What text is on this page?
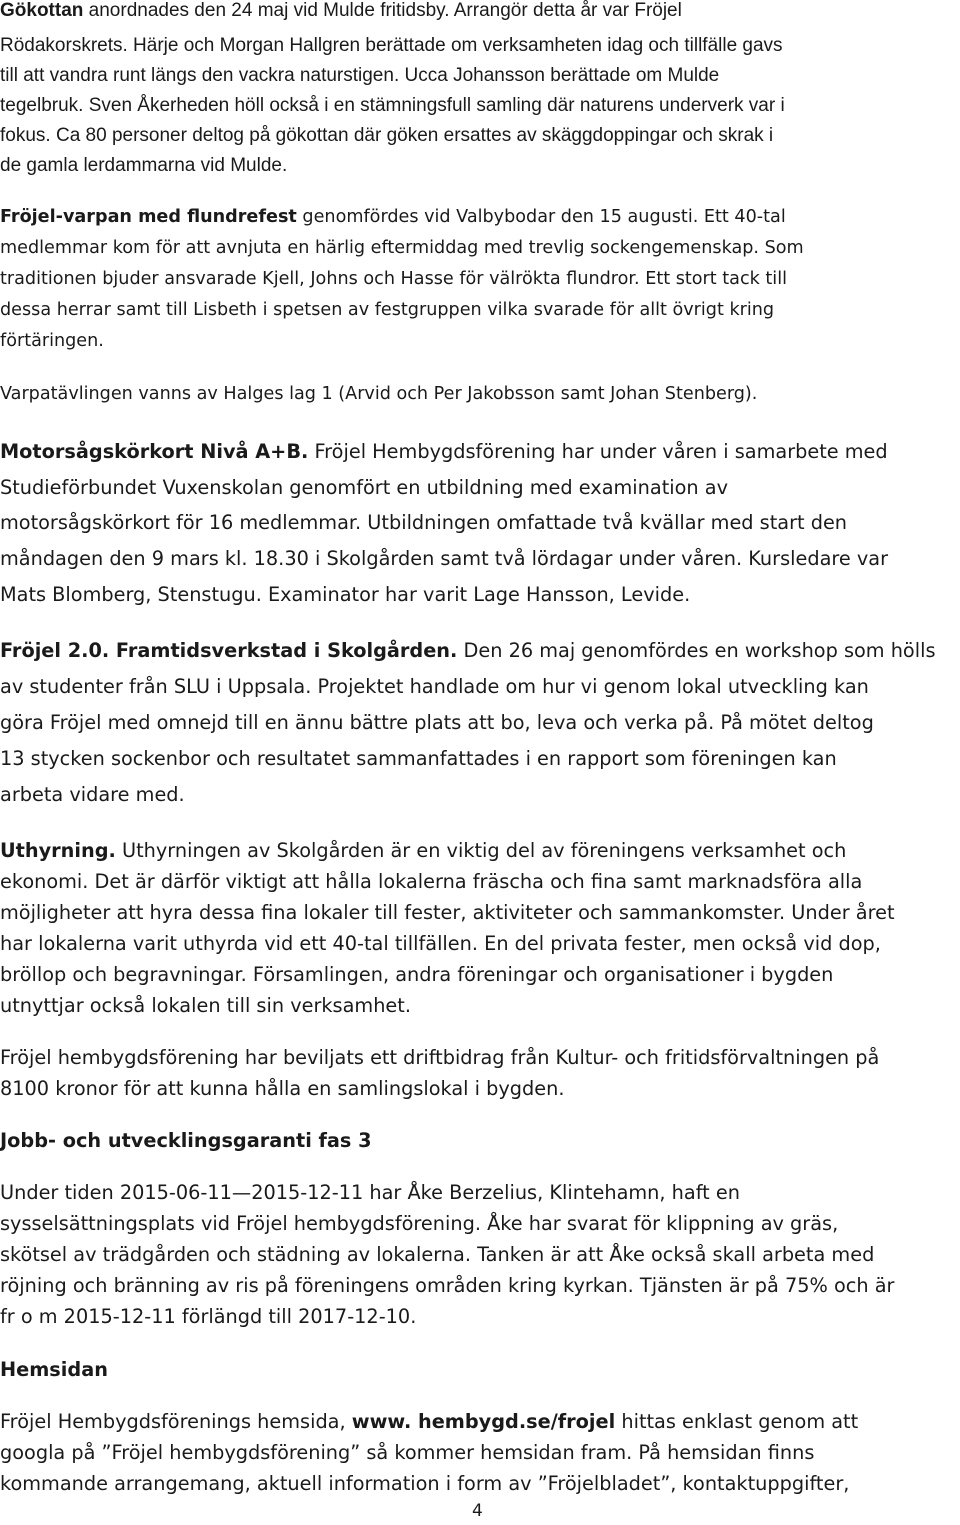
Gökottan anordnades den 24 maj vid Mulde fritidsby. Arrangör detta år var Fröjel

Rödakorskrets. Härje och Morgan Hallgren berättade om verksamheten idag och tillfälle gavs

till att vandra runt längs den vackra naturstigen. Ucca Johansson berättade om Mulde

tegelbruk. Sven Åkerheden höll också i en stämningsfull samling där naturens underverk var i

fokus. Ca 80 personer deltog på gökottan där göken ersattes av skäggdoppingar och skrak i

de gamla lerdammarna vid Mulde.

Fröjel-varpan med flundrefest genomfördes vid Valbybodar den 15 augusti. Ett 40-tal

medlemmar kom för att avnjuta en härlig eftermiddag med trevlig sockengemenskap. Som

traditionen bjuder ansvarade Kjell, Johns och Hasse för välrökta flundror. Ett stort tack till

dessa herrar samt till Lisbeth i spetsen av festgruppen vilka svarade för allt övrigt kring

förtäringen.

Varpatävlingen vanns av Halges lag 1 (Arvid och Per Jakobsson samt Johan Stenberg).

Motorsågskörkort Nivå A+B. Fröjel Hembygdsförening har under våren i samarbete med

Studieförbundet Vuxenskolan genomfört en utbildning med examination av

motorsågskörkort för 16 medlemmar. Utbildningen omfattade två kvällar med start den

måndagen den 9 mars kl. 18.30 i Skolgården samt två lördagar under våren. Kursledare var

Mats Blomberg, Stenstugu. Examinator har varit Lage Hansson, Levide.

Fröjel 2.0. Framtidsverkstad i Skolgården. Den 26 maj genomfördes en workshop som hölls

av studenter från SLU i Uppsala. Projektet handlade om hur vi genom lokal utveckling kan

göra Fröjel med omnejd till en ännu bättre plats att bo, leva och verka på. På mötet deltog

13 stycken sockenbor och resultatet sammanfattades i en rapport som föreningen kan

arbeta vidare med.

Uthyrning. Uthyrningen av Skolgården är en viktig del av föreningens verksamhet och

ekonomi. Det är därför viktigt att hålla lokalerna fräscha och fina samt marknadsföra alla

möjligheter att hyra dessa fina lokaler till fester, aktiviteter och sammankomster. Under året

har lokalerna varit uthyrda vid ett 40-tal tillfällen. En del privata fester, men också vid dop,

bröllop och begravningar. Församlingen, andra föreningar och organisationer i bygden

utnyttjar också lokalen till sin verksamhet.

Fröjel hembygdsförening har beviljats ett driftbidrag från Kultur- och fritidsförvaltningen på

8100 kronor för att kunna hålla en samlingslokal i bygden.

Jobb- och utvecklingsgaranti fas 3

Under tiden 2015-06-11—2015-12-11 har Åke Berzelius, Klintehamn, haft en

sysselsättningsplats vid Fröjel hembygdsförening. Åke har svarat för klippning av gräs,

skötsel av trädgården och städning av lokalerna. Tanken är att Åke också skall arbeta med

röjning och bränning av ris på föreningens områden kring kyrkan. Tjänsten är på 75% och är

fr o m 2015-12-11 förlängd till 2017-12-10.

Hemsidan

Fröjel Hembygdsförenings hemsida, www. hembygd.se/frojel hittas enklast genom att

googla på ”Fröjel hembygdsförening” så kommer hemsidan fram. På hemsidan finns

kommande arrangemang, aktuell information i form av ”Fröjelbladet”, kontaktuppgifter,

4
